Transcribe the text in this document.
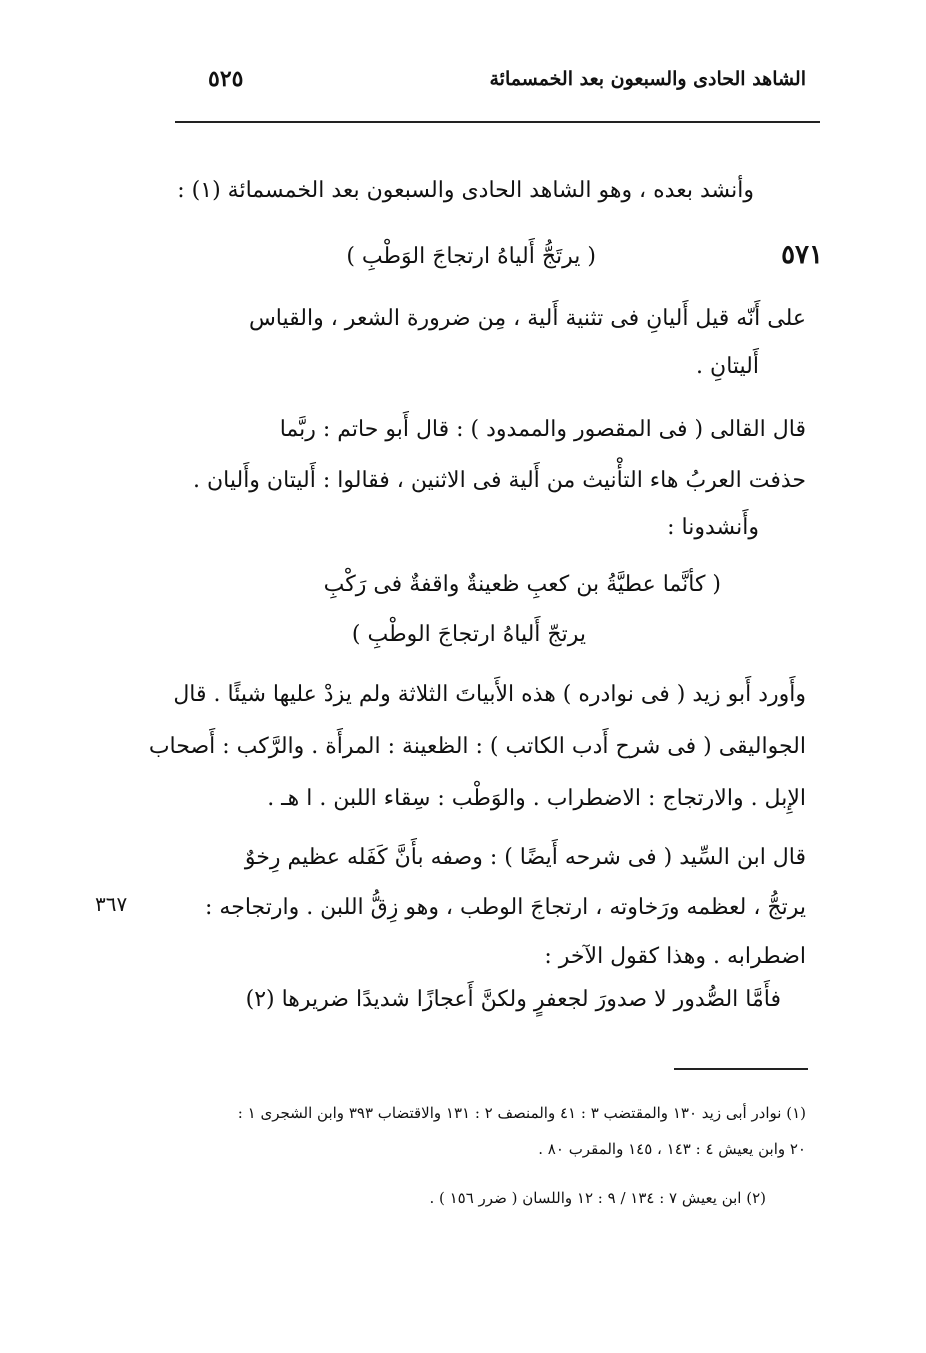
الشاهد الحادى والسبعون بعد الخمسمائة
٥٢٥
وأنشد بعده ، وهو الشاهد الحادى والسبعون بعد الخمسمائة (١) :
٥٧١
( يرتَجُّ أَلياهُ ارتجاجَ الوَطْبِ )
على أَنّه قيل أَليانِ فى تثنية أَلية ، مِن ضرورة الشعر ، والقياس
أَليتانِ .
قال القالى ( فى المقصور والممدود ) : قال أَبو حاتم : ربَّما
حذفت العربُ هاء التأْنيث من أَلية فى الاثنين ، فقالوا : أَليتان وأَليان .
وأَنشدونا :
( كأنَّما عطيَّةُ بن كعبِ ظعينةٌ واقفةٌ فى رَكْبِ
يرتجّ أَلياهُ ارتجاجَ الوطْبِ )
وأَورد أَبو زيد ( فى نوادره ) هذه الأَبياتَ الثلاثة ولم يزدْ عليها شيئًا . قال
الجواليقى ( فى شرح أَدب الكاتب ) : الظعينة : المرأَة . والرَّكب : أَصحاب
الإِبل . والارتجاج : الاضطراب . والوَطْب : سِقاء اللبن . ا هـ .
قال ابن السِّيد ( فى شرحه أَيضًا ) : وصفه بأَنَّ كَفَله عظيم رِخوٌ
٣٦٧	يرتجُّ ، لعظمه ورَخاوته ، ارتجاجَ الوطب ، وهو زِقُّ اللبن . وارتجاجه :
اضطرابه . وهذا كقول الآخر :
فأَمَّا الصُّدور لا صدورَ لجعفرٍ ولكنَّ أَعجازًا شديدًا ضريرها (٢)
(١) نوادر أبى زيد ١٣٠ والمقتضب ٣ : ٤١ والمنصف ٢ : ١٣١ والاقتضاب ٣٩٣ وابن الشجرى ١ :
٢٠ وابن يعيش ٤ : ١٤٣ ، ١٤٥ والمقرب ٨٠ .
(٢) ابن يعيش ٧ : ١٣٤ / ٩ : ١٢ واللسان ( ضرر ١٥٦ ) .
